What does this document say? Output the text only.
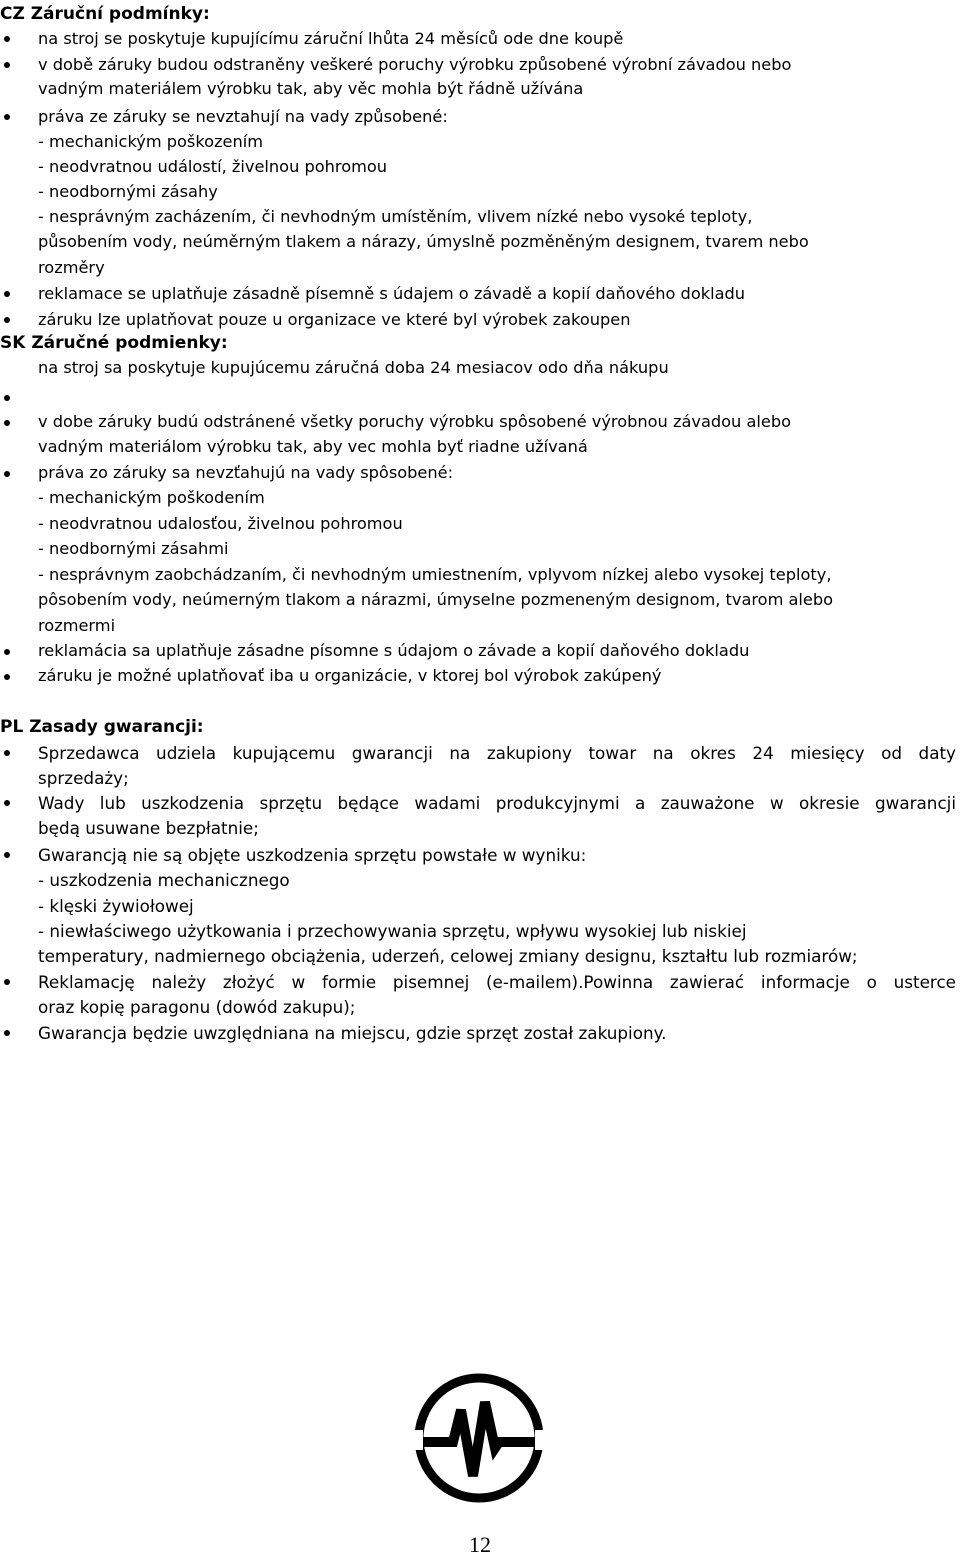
CZ Záruční podmínky:
na stroj se poskytuje kupujícímu záruční lhůta 24 měsíců ode dne koupě
v době záruky budou odstraněny veškeré poruchy výrobku způsobené výrobní závadou nebo
vadným materiálem výrobku tak, aby věc mohla být řádně užívána
práva ze záruky se nevztahují na vady způsobené:
- mechanickým poškozením
- neodvratnou událostí, živelnou pohromou
- neodbornými zásahy
- nesprávným zacházením, či nevhodným umístěním, vlivem nízké nebo vysoké teploty,
působením vody, neúměrným tlakem a nárazy, úmyslně pozměněným designem, tvarem nebo
rozměry
reklamace se uplatňuje zásadně písemně s údajem o závadě a kopií daňového dokladu
záruku lze uplatňovat pouze u organizace ve které byl výrobek zakoupen
SK Záručné podmienky:
na stroj sa poskytuje kupujúcemu záručná doba 24 mesiacov odo dňa nákupu
v dobe záruky budú odstránené všetky poruchy výrobku spôsobené výrobnou závadou alebo
vadným materiálom výrobku tak, aby vec mohla byť riadne užívaná
práva zo záruky sa nevzťahujú na vady spôsobené:
- mechanickým poškodením
- neodvratnou udalosťou, živelnou pohromou
- neodbornými zásahmi
- nesprávnym zaobchádzaním, či nevhodným umiestnením, vplyvom nízkej alebo vysokej teploty,
pôsobením vody, neúmerným tlakom a nárazmi, úmyselne pozmeneným designom, tvarom alebo
rozmermi
reklamácia sa uplatňuje zásadne písomne s údajom o závade a kopií daňového dokladu
záruku je možné uplatňovať iba u organizácie, v ktorej bol výrobok zakúpený
PL Zasady gwarancji:
Sprzedawca udziela kupującemu gwarancji na zakupiony towar na okres 24 miesięcy od daty
sprzedaży;
Wady lub uszkodzenia sprzętu będące wadami produkcyjnymi a zauważone w okresie gwarancji
będą usuwane bezpłatnie;
Gwarancją nie są objęte uszkodzenia sprzętu powstałe w wyniku:
- uszkodzenia mechanicznego
- klęski żywiołowej
- niewłaściwego użytkowania i przechowywania sprzętu, wpływu wysokiej lub niskiej
temperatury, nadmiernego obciążenia, uderzeń, celowej zmiany designu, kształtu lub rozmiarów;
Reklamację należy złożyć w formie pisemnej (e-mailem).Powinna zawierać informacje o usterce
oraz kopię paragonu (dowód zakupu);
Gwarancja będzie uwzględniana na miejscu, gdzie sprzęt został zakupiony.
12
